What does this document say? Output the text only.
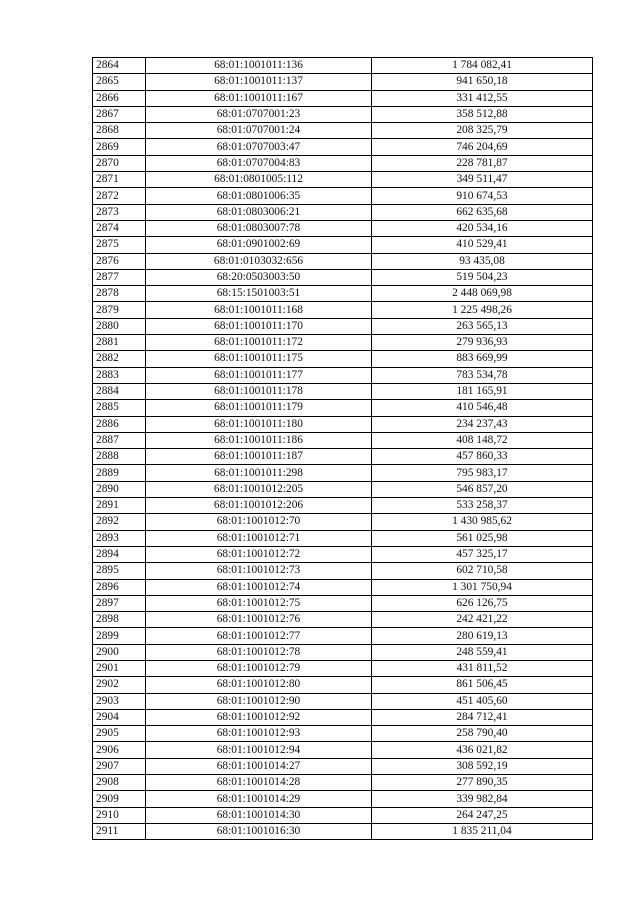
2864	68:01:1001011:136	1 784 082,41
2865	68:01:1001011:137	941 650,18
2866	68:01:1001011:167	331 412,55
2867	68:01:0707001:23	358 512,88
2868	68:01:0707001:24	208 325,79
2869	68:01:0707003:47	746 204,69
2870	68:01:0707004:83	228 781,87
2871	68:01:0801005:112	349 511,47
2872	68:01:0801006:35	910 674,53
2873	68:01:0803006:21	662 635,68
2874	68:01:0803007:78	420 534,16
2875	68:01:0901002:69	410 529,41
2876	68:01:0103032:656	93 435,08
2877	68:20:0503003:50	519 504,23
2878	68:15:1501003:51	2 448 069,98
2879	68:01:1001011:168	1 225 498,26
2880	68:01:1001011:170	263 565,13
2881	68:01:1001011:172	279 936,93
2882	68:01:1001011:175	883 669,99
2883	68:01:1001011:177	783 534,78
2884	68:01:1001011:178	181 165,91
2885	68:01:1001011:179	410 546,48
2886	68:01:1001011:180	234 237,43
2887	68:01:1001011:186	408 148,72
2888	68:01:1001011:187	457 860,33
2889	68:01:1001011:298	795 983,17
2890	68:01:1001012:205	546 857,20
2891	68:01:1001012:206	533 258,37
2892	68:01:1001012:70	1 430 985,62
2893	68:01:1001012:71	561 025,98
2894	68:01:1001012:72	457 325,17
2895	68:01:1001012:73	602 710,58
2896	68:01:1001012:74	1 301 750,94
2897	68:01:1001012:75	626 126,75
2898	68:01:1001012:76	242 421,22
2899	68:01:1001012:77	280 619,13
2900	68:01:1001012:78	248 559,41
2901	68:01:1001012:79	431 811,52
2902	68:01:1001012:80	861 506,45
2903	68:01:1001012:90	451 405,60
2904	68:01:1001012:92	284 712,41
2905	68:01:1001012:93	258 790,40
2906	68:01:1001012:94	436 021,82
2907	68:01:1001014:27	308 592,19
2908	68:01:1001014:28	277 890,35
2909	68:01:1001014:29	339 982,84
2910	68:01:1001014:30	264 247,25
2911	68:01:1001016:30	1 835 211,04
